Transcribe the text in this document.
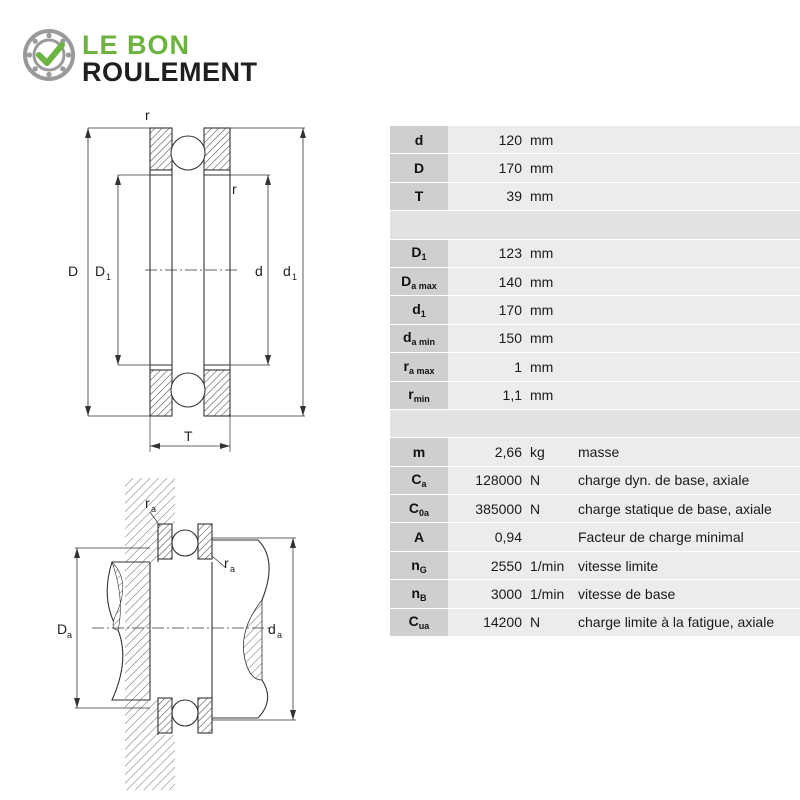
LE BON
ROULEMENT
r
r
D D 1	d d 1
T
r a
r a
D a	d a
d	120	mm	
D	170	mm	
T	39	mm	

$D_1$	123	mm	
$D_{a max}$	140	mm	
$d_1$	170	mm	
$d_{a min}$	150	mm	
$r_{a max}$	1	mm	
$r_{min}$	1,1	mm	

m	2,66	kg	masse
$C_a$	128000	N	charge dyn. de base, axiale
$C_{0a}$	385000	N	charge statique de base, axiale
A	0,94		Facteur de charge minimal
$n_G$	2550	1/min	vitesse limite
$n_B$	3000	1/min	vitesse de base
$C_{ua}$	14200	N	charge limite à la fatigue, axiale
